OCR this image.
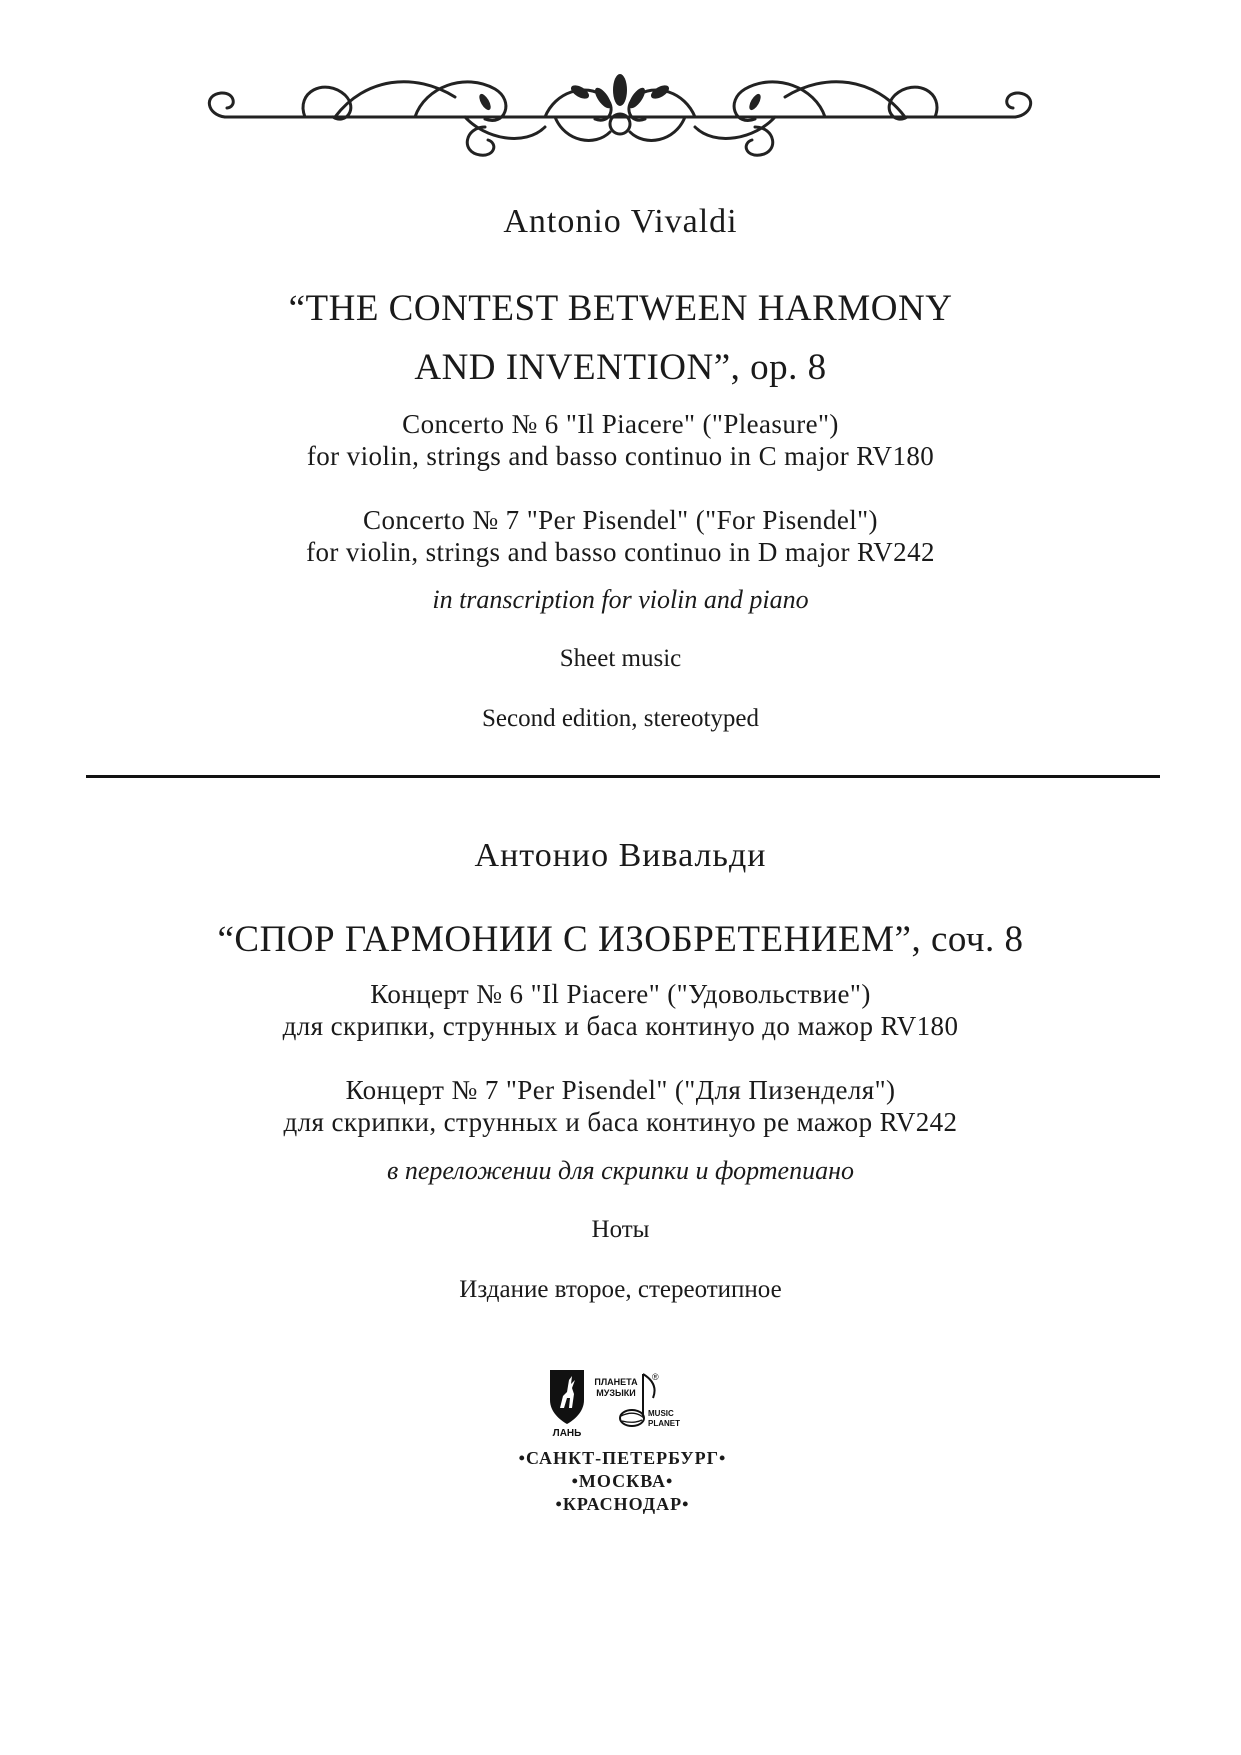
Antonio Vivaldi
“THE CONTEST BETWEEN HARMONY
AND INVENTION”, op. 8
Concerto № 6 "Il Piacere" ("Pleasure")
for violin, strings and basso continuo in C major RV180
Concerto № 7 "Per Pisendel" ("For Pisendel")
for violin, strings and basso continuo in D major RV242
in transcription for violin and piano
Sheet music
Second edition, stereotyped
Антонио Вивальди
“СПОР ГАРМОНИИ С ИЗОБРЕТЕНИЕМ”, соч. 8
Концерт № 6 "Il Piacere" ("Удовольствие")
для скрипки, струнных и баса континуо до мажор RV180
Концерт № 7 "Per Pisendel" ("Для Пизенделя")
для скрипки, струнных и баса континуо ре мажор RV242
в переложении для скрипки и фортепиано
Ноты
Издание второе, стереотипное
ЛАНЬ
ПЛАНЕТА
МУЗЫКИ
®
MUSIC
PLANET
•САНКТ-ПЕТЕРБУРГ•
•МОСКВА•
•КРАСНОДАР•
